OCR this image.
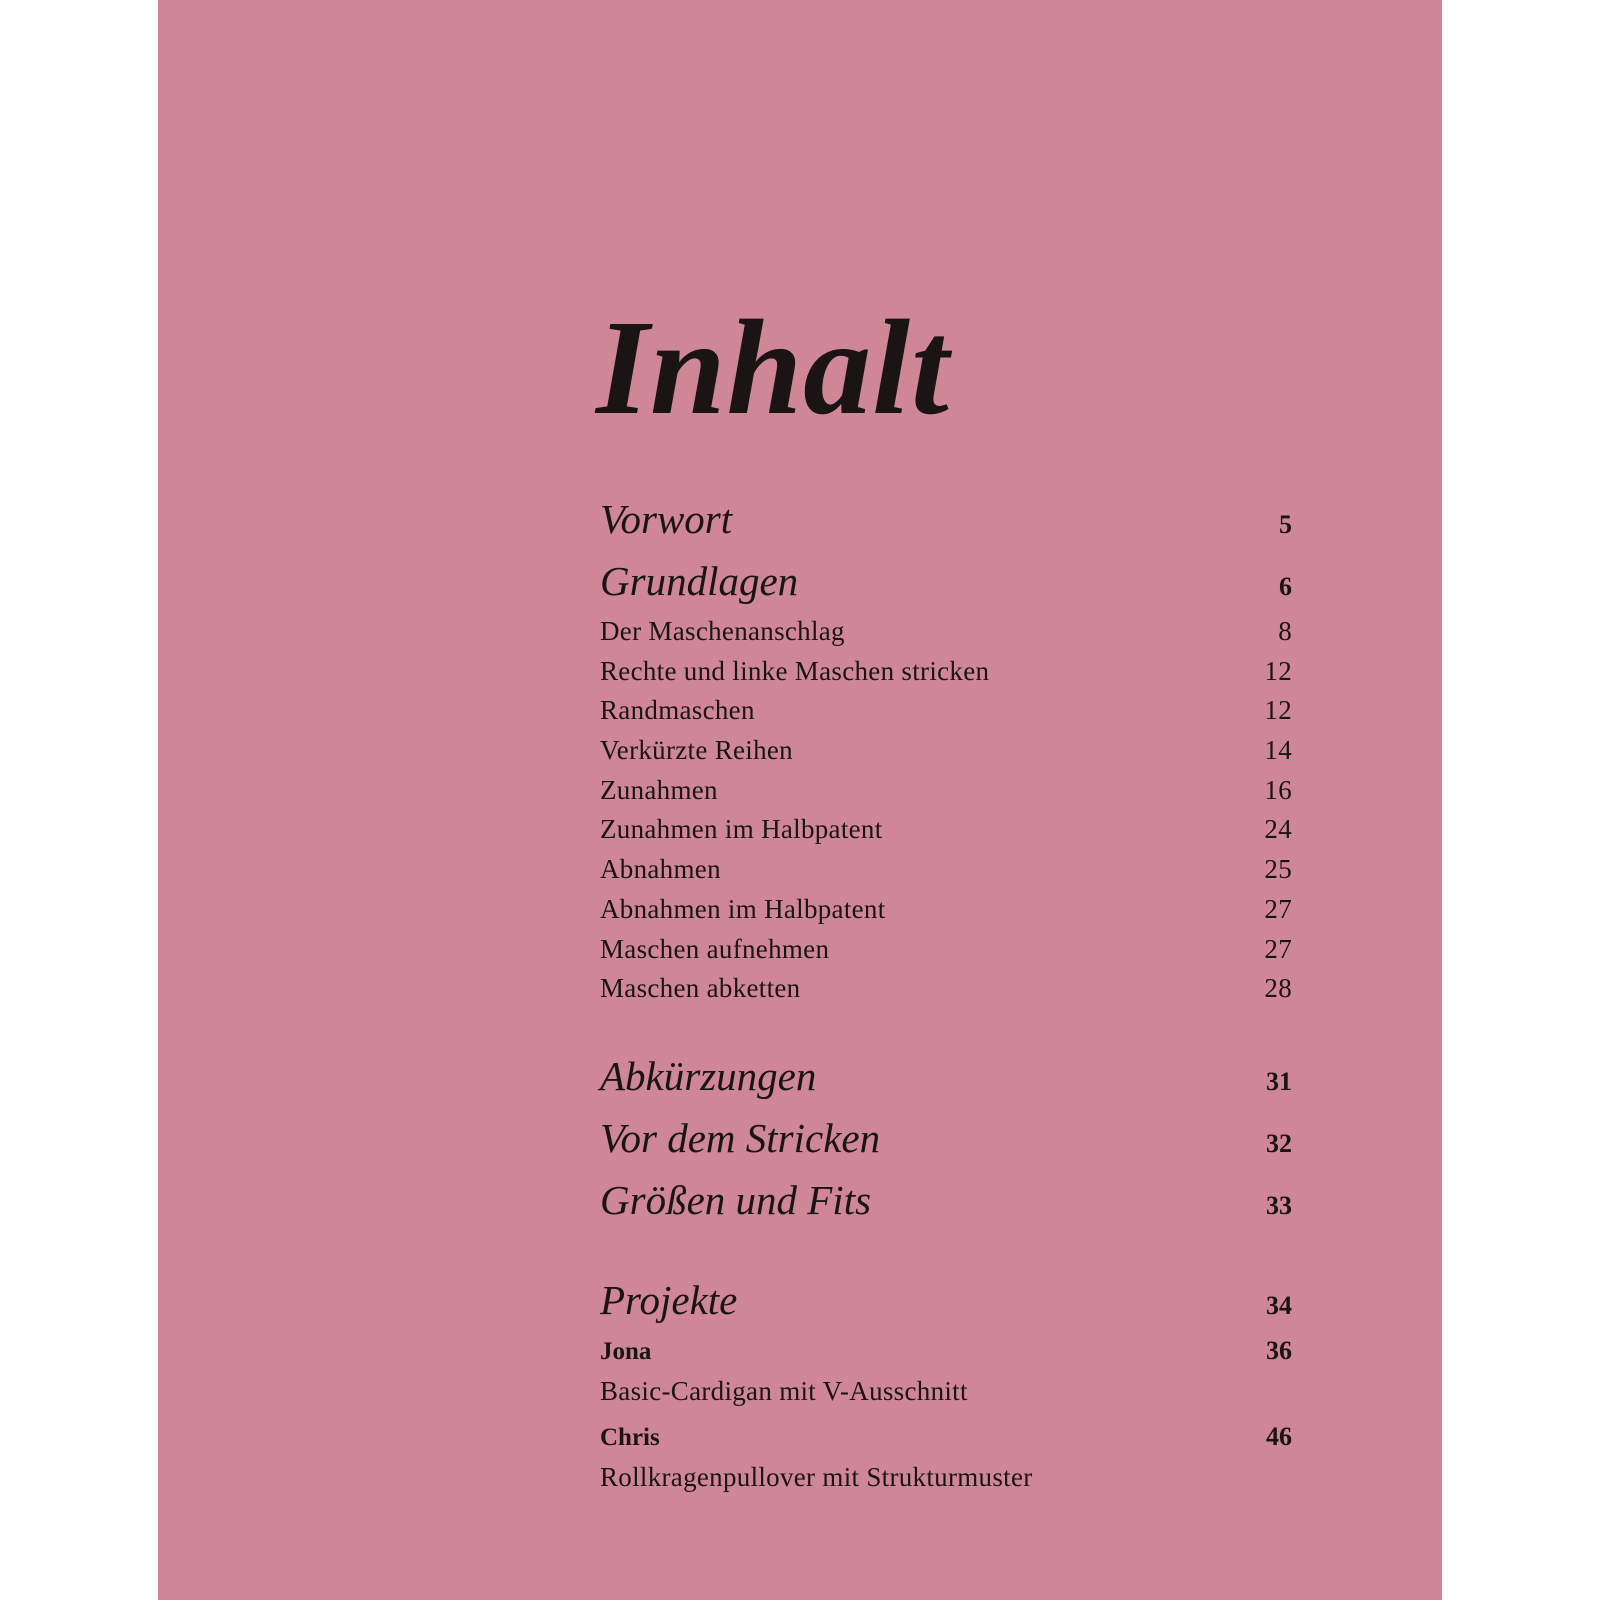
Inhalt
Vorwort	5
Grundlagen	6
Der Maschenanschlag	8
Rechte und linke Maschen stricken	12
Randmaschen	12
Verkürzte Reihen	14
Zunahmen	16
Zunahmen im Halbpatent	24
Abnahmen	25
Abnahmen im Halbpatent	27
Maschen aufnehmen	27
Maschen abketten	28
Abkürzungen	31
Vor dem Stricken	32
Größen und Fits	33
Projekte	34
Jona	36
Basic-Cardigan mit V-Ausschnitt
Chris	46
Rollkragenpullover mit Strukturmuster
